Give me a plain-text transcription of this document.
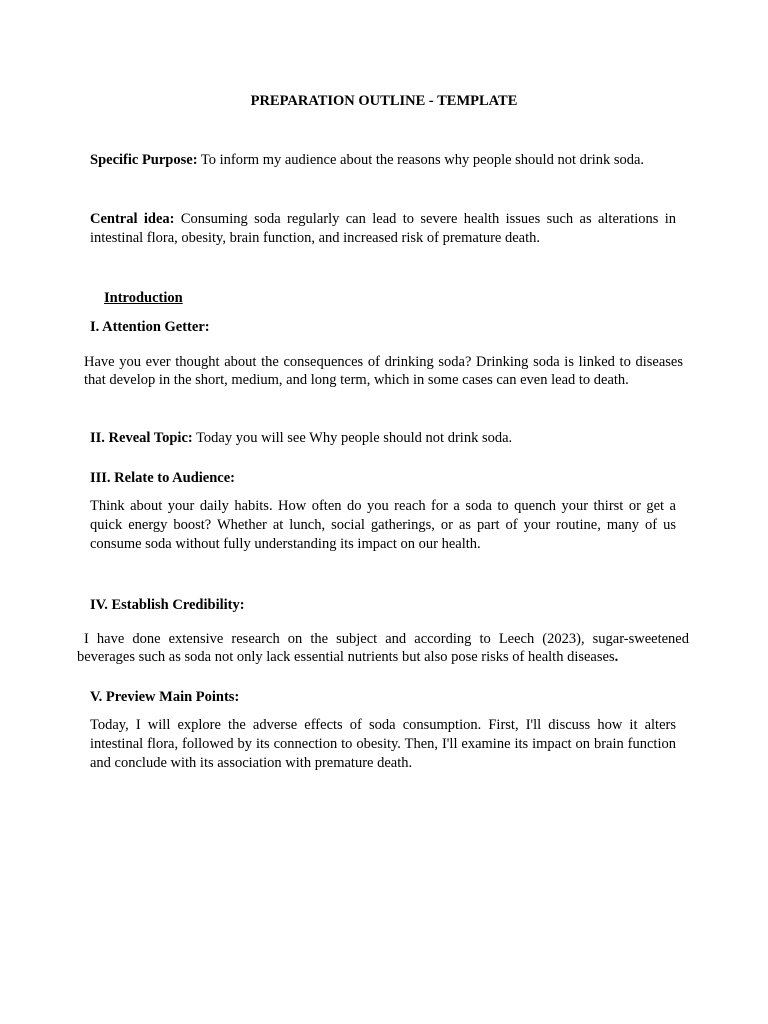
PREPARATION OUTLINE - TEMPLATE
Specific Purpose: To inform my audience about the reasons why people should not drink soda.
Central idea: Consuming soda regularly can lead to severe health issues such as alterations in intestinal flora, obesity, brain function, and increased risk of premature death.
Introduction
I. Attention Getter:
Have you ever thought about the consequences of drinking soda? Drinking soda is linked to diseases that develop in the short, medium, and long term, which in some cases can even lead to death.
II. Reveal Topic: Today you will see Why people should not drink soda.
III. Relate to Audience:
Think about your daily habits. How often do you reach for a soda to quench your thirst or get a quick energy boost? Whether at lunch, social gatherings, or as part of your routine, many of us consume soda without fully understanding its impact on our health.
IV. Establish Credibility:
I have done extensive research on the subject and according to Leech (2023), sugar-sweetened beverages such as soda not only lack essential nutrients but also pose risks of health diseases.
V. Preview Main Points:
Today, I will explore the adverse effects of soda consumption. First, I'll discuss how it alters intestinal flora, followed by its connection to obesity. Then, I'll examine its impact on brain function and conclude with its association with premature death.
